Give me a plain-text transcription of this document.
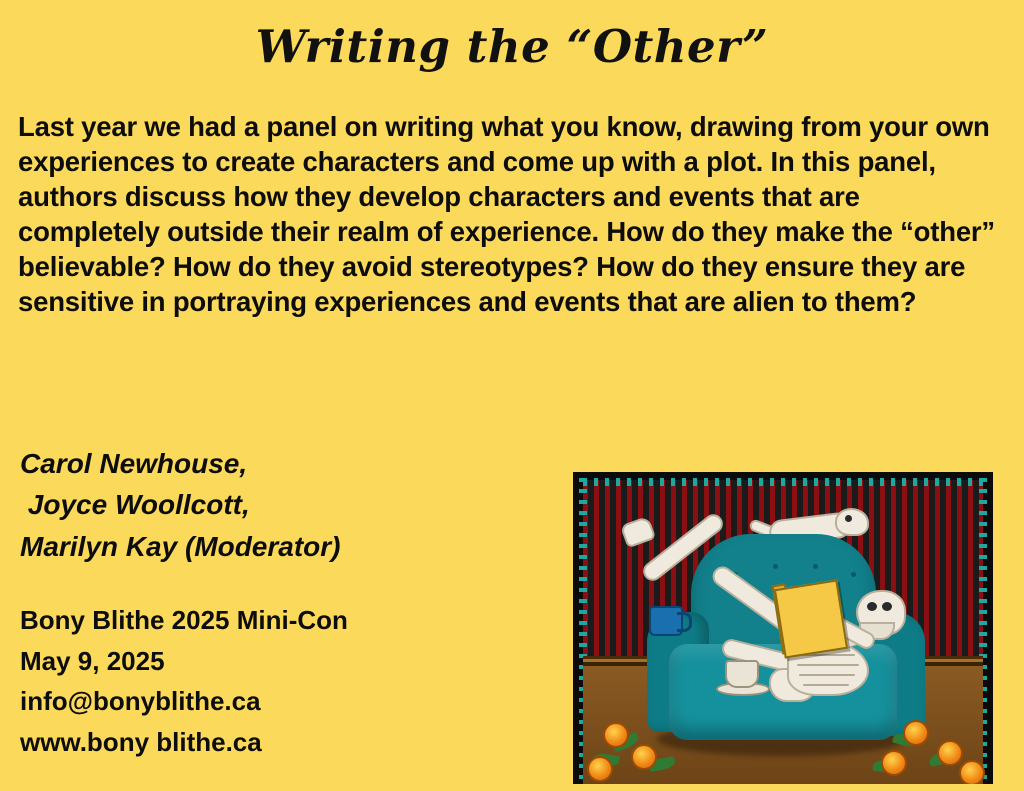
Writing the “Other”
Last year we had a panel on writing what you know, drawing from your own experiences to create characters and come up with a plot. In this panel, authors discuss how they develop characters and events that are completely outside their realm of experience. How do they make the “other” believable? How do they avoid stereotypes? How do they ensure they are sensitive in portraying experiences and events that are alien to them?
Carol Newhouse,
Joyce Woollcott,
Marilyn Kay (Moderator)
Bony Blithe 2025 Mini-Con
May 9, 2025
info@bonyblithe.ca
www.bony blithe.ca
